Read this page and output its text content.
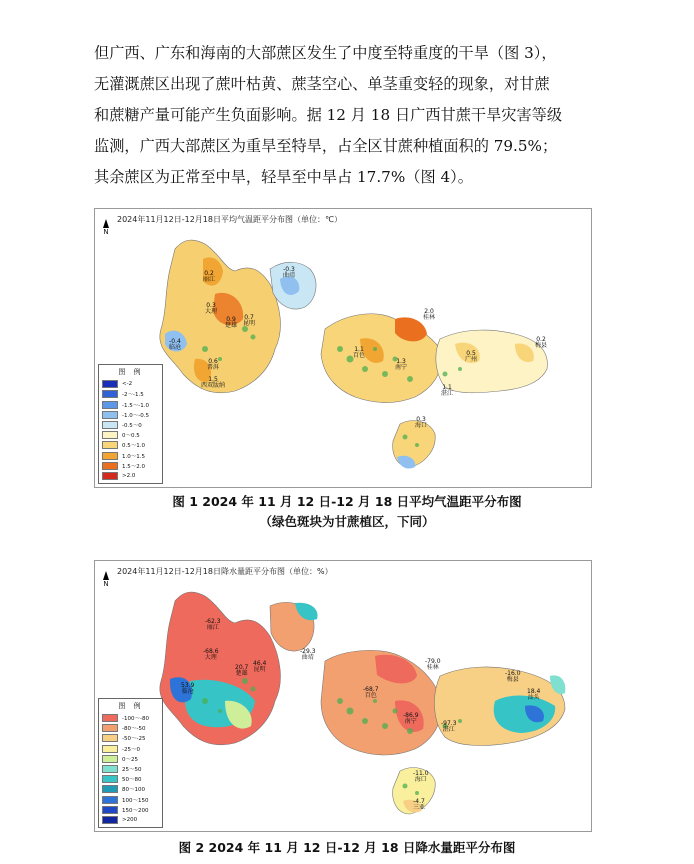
但广西、广东和海南的大部蔗区发生了中度至特重度的干旱（图 3），
无灌溉蔗区出现了蔗叶枯黄、蔗茎空心、单茎重变轻的现象，对甘蔗
和蔗糖产量可能产生负面影响。据 12 月 18 日广西甘蔗干旱灾害等级
监测，广西大部蔗区为重旱至特旱，占全区甘蔗种植面积的 79.5%；
其余蔗区为正常至中旱，轻旱至中旱占 17.7%（图 4）。
N
2024年11月12日-12月18日平均气温距平分布图（单位：℃）
图 例
<-2
-2～-1.5
-1.5～-1.0
-1.0～-0.5
-0.5～0
0～0.5
0.5～1.0
1.0～1.5
1.5～2.0
>2.0
0.2
丽江
0.3
大理
0.9
楚雄
0.7
昆明
-0.3
曲靖
-0.4
临沧
0.6
普洱
1.5
西双版纳
2.0
桂林
1.1
百色
1.3
南宁
1.1
湛江
0.3
海口
0.5
广州
0.2
梅县
图 1 2024 年 11 月 12 日-12 月 18 日平均气温距平分布图
（绿色斑块为甘蔗植区，下同）
N
2024年11月12日-12月18日降水量距平分布图（单位：%）
图 例
-100～-80
-80～-50
-50～-25
-25～0
0～25
25～50
50～80
80～100
100～150
150～200
>200
-62.3
丽江
-68.6
大理
20.7
楚雄
46.4
昆明
-29.3
曲靖
53.9
临沧	-68.7
百色
-79.0
桂林
-86.9
南宁	-97.3
湛江
-16.0
梅县
18.4
汕头
-11.0
海口
-4.7
三亚
图 2 2024 年 11 月 12 日-12 月 18 日降水量距平分布图
